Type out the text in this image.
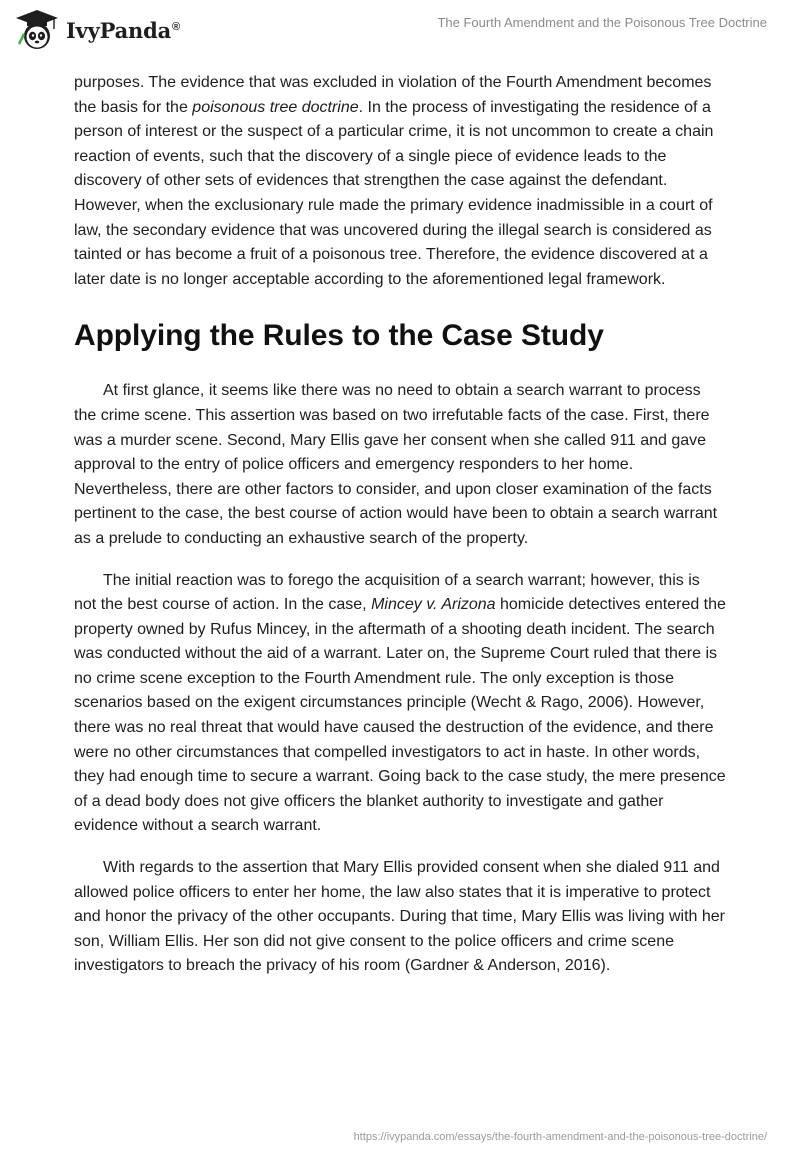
IvyPanda®	The Fourth Amendment and the Poisonous Tree Doctrine

purposes. The evidence that was excluded in violation of the Fourth Amendment becomes the basis for the poisonous tree doctrine. In the process of investigating the residence of a person of interest or the suspect of a particular crime, it is not uncommon to create a chain reaction of events, such that the discovery of a single piece of evidence leads to the discovery of other sets of evidences that strengthen the case against the defendant. However, when the exclusionary rule made the primary evidence inadmissible in a court of law, the secondary evidence that was uncovered during the illegal search is considered as tainted or has become a fruit of a poisonous tree. Therefore, the evidence discovered at a later date is no longer acceptable according to the aforementioned legal framework.

Applying the Rules to the Case Study

At first glance, it seems like there was no need to obtain a search warrant to process the crime scene. This assertion was based on two irrefutable facts of the case. First, there was a murder scene. Second, Mary Ellis gave her consent when she called 911 and gave approval to the entry of police officers and emergency responders to her home. Nevertheless, there are other factors to consider, and upon closer examination of the facts pertinent to the case, the best course of action would have been to obtain a search warrant as a prelude to conducting an exhaustive search of the property.

The initial reaction was to forego the acquisition of a search warrant; however, this is not the best course of action. In the case, Mincey v. Arizona homicide detectives entered the property owned by Rufus Mincey, in the aftermath of a shooting death incident. The search was conducted without the aid of a warrant. Later on, the Supreme Court ruled that there is no crime scene exception to the Fourth Amendment rule. The only exception is those scenarios based on the exigent circumstances principle (Wecht & Rago, 2006). However, there was no real threat that would have caused the destruction of the evidence, and there were no other circumstances that compelled investigators to act in haste. In other words, they had enough time to secure a warrant. Going back to the case study, the mere presence of a dead body does not give officers the blanket authority to investigate and gather evidence without a search warrant.

With regards to the assertion that Mary Ellis provided consent when she dialed 911 and allowed police officers to enter her home, the law also states that it is imperative to protect and honor the privacy of the other occupants. During that time, Mary Ellis was living with her son, William Ellis. Her son did not give consent to the police officers and crime scene investigators to breach the privacy of his room (Gardner & Anderson, 2016).

https://ivypanda.com/essays/the-fourth-amendment-and-the-poisonous-tree-doctrine/
